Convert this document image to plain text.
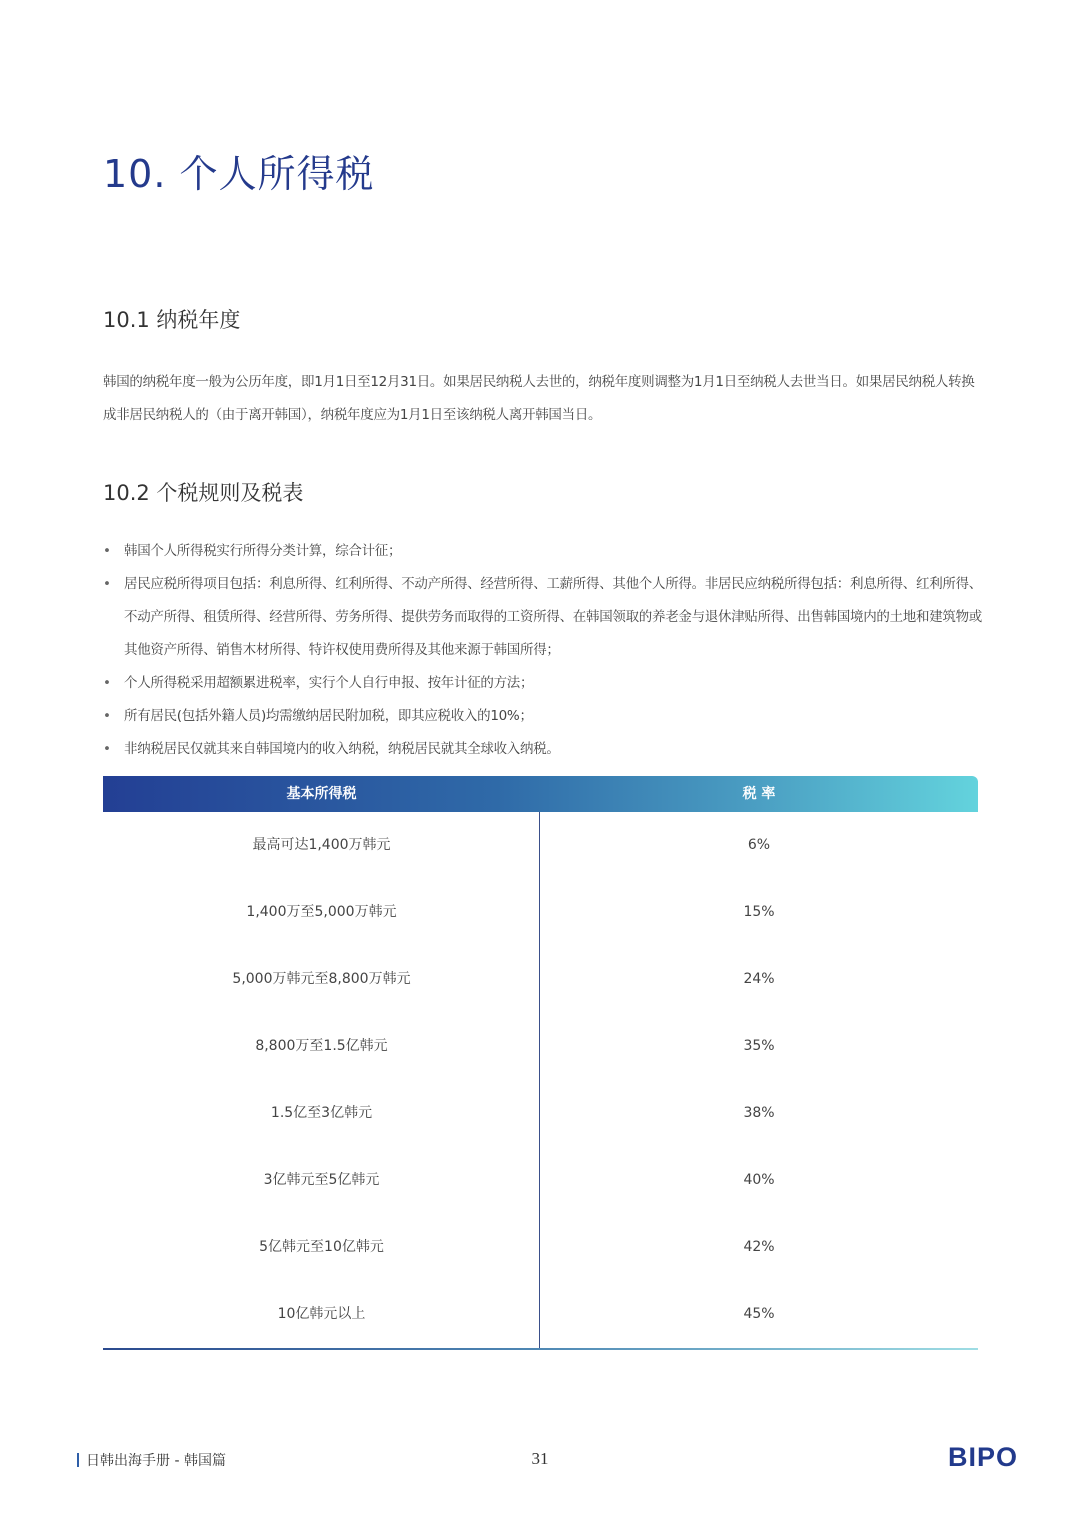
10. 个人所得税
10.1 纳税年度
韩国的纳税年度一般为公历年度，即1月1日至12月31日。如果居民纳税人去世的，纳税年度则调整为1月1日至纳税人去世当日。如果居民纳税人转换成非居民纳税人的（由于离开韩国），纳税年度应为1月1日至该纳税人离开韩国当日。
10.2 个税规则及税表
• 韩国个人所得税实行所得分类计算，综合计征；
• 居民应税所得项目包括：利息所得、红利所得、不动产所得、经营所得、工薪所得、其他个人所得。非居民应纳税所得包括：利息所得、红利所得、不动产所得、租赁所得、经营所得、劳务所得、提供劳务而取得的工资所得、在韩国领取的养老金与退休津贴所得、出售韩国境内的土地和建筑物或其他资产所得、销售木材所得、特许权使用费所得及其他来源于韩国所得；
• 个人所得税采用超额累进税率，实行个人自行申报、按年计征的方法；
• 所有居民(包括外籍人员)均需缴纳居民附加税，即其应税收入的10%；
• 非纳税居民仅就其来自韩国境内的收入纳税，纳税居民就其全球收入纳税。
基本所得税	税 率
最高可达1,400万韩元	6%
1,400万至5,000万韩元	15%
5,000万韩元至8,800万韩元	24%
8,800万至1.5亿韩元	35%
1.5亿至3亿韩元	38%
3亿韩元至5亿韩元	40%
5亿韩元至10亿韩元	42%
10亿韩元以上	45%
日韩出海手册 - 韩国篇	31	BIPO
